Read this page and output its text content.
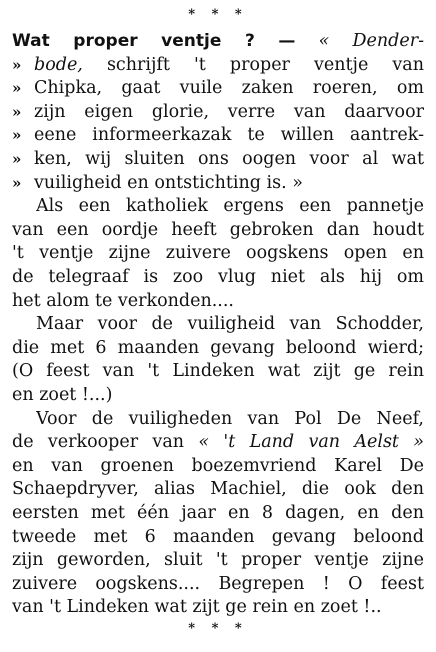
* * *
Wat proper ventje ? — « Dender-
» bode, schrijft 't proper ventje van
» Chipka, gaat vuile zaken roeren, om
» zijn eigen glorie, verre van daarvoor
» eene informeerkazak te willen aantrek-
» ken, wij sluiten ons oogen voor al wat
» vuiligheid en ontstichting is. »
Als een katholiek ergens een pannetje
van een oordje heeft gebroken dan houdt
't ventje zijne zuivere oogskens open en
de telegraaf is zoo vlug niet als hij om
het alom te verkonden....
Maar voor de vuiligheid van Schodder,
die met 6 maanden gevang beloond wierd;
(O feest van 't Lindeken wat zijt ge rein
en zoet !...)
Voor de vuiligheden van Pol De Neef,
de verkooper van « 't Land van Aelst »
en van groenen boezemvriend Karel De
Schaepdryver, alias Machiel, die ook den
eersten met één jaar en 8 dagen, en den
tweede met 6 maanden gevang beloond
zijn geworden, sluit 't proper ventje zijne
zuivere oogskens.... Begrepen ! O feest
van 't Lindeken wat zijt ge rein en zoet !..
* * *
